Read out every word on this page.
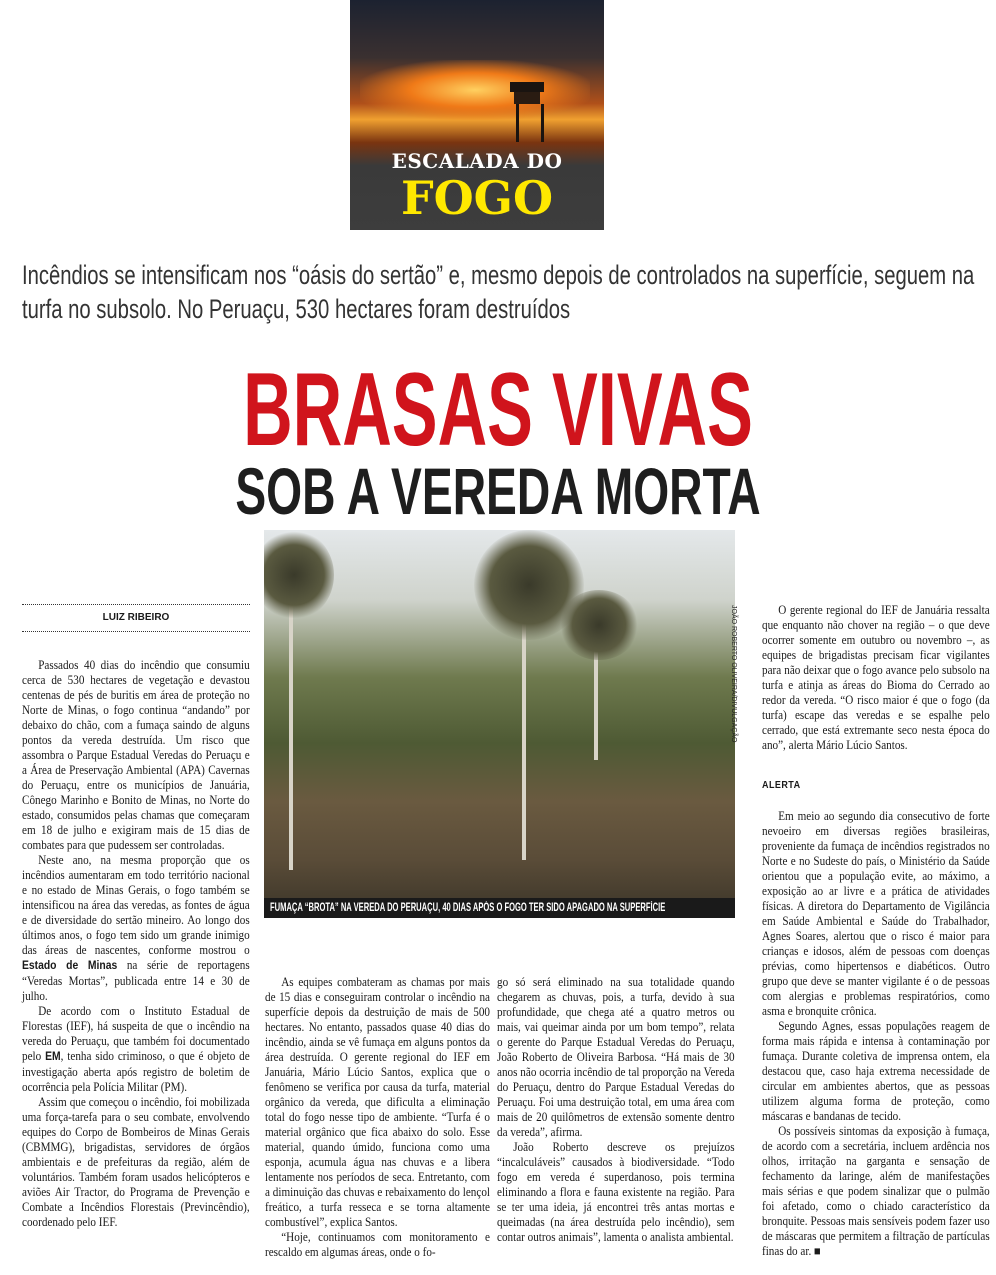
ESCALADA DO
FOGO
Incêndios se intensificam nos “oásis do sertão” e, mesmo depois de controlados na superfície, seguem na turfa no subsolo. No Peruaçu, 530 hectares foram destruídos
BRASAS VIVAS
SOB A VEREDA MORTA
FUMAÇA “BROTA” NA VEREDA DO PERUAÇU, 40 DIAS APÓS O FOGO TER SIDO APAGADO NA SUPERFÍCIE
JOÃO ROBERTO OLIVEIRA/DIVULGAÇÃO
LUIZ RIBEIRO

Passados 40 dias do incêndio que consumiu cerca de 530 hectares de vegetação e devastou centenas de pés de buritis em área de proteção no Norte de Minas, o fogo continua “andando” por debaixo do chão, com a fumaça saindo de alguns pontos da vereda destruída. Um risco que assombra o Parque Estadual Veredas do Peruaçu e a Área de Preservação Ambiental (APA) Cavernas do Peruaçu, entre os municípios de Januária, Cônego Marinho e Bonito de Minas, no Norte do estado, consumidos pelas chamas que começaram em 18 de julho e exigiram mais de 15 dias de combates para que pudessem ser controladas.

Neste ano, na mesma proporção que os incêndios aumentaram em todo território nacional e no estado de Minas Gerais, o fogo também se intensificou na área das veredas, as fontes de água e de diversidade do sertão mineiro. Ao longo dos últimos anos, o fogo tem sido um grande inimigo das áreas de nascentes, conforme mostrou o Estado de Minas na série de reportagens “Veredas Mortas”, publicada entre 14 e 30 de julho.

De acordo com o Instituto Estadual de Florestas (IEF), há suspeita de que o incêndio na vereda do Peruaçu, que também foi documentado pelo EM, tenha sido criminoso, o que é objeto de investigação aberta após registro de boletim de ocorrência pela Polícia Militar (PM).

Assim que começou o incêndio, foi mobilizada uma força-tarefa para o seu combate, envolvendo equipes do Corpo de Bombeiros de Minas Gerais (CBMMG), brigadistas, servidores de órgãos ambientais e de prefeituras da região, além de voluntários. Também foram usados helicópteros e aviões Air Tractor, do Programa de Prevenção e Combate a Incêndios Florestais (Previncêndio), coordenado pelo IEF.

As equipes combateram as chamas por mais de 15 dias e conseguiram controlar o incêndio na superfície depois da destruição de mais de 500 hectares. No entanto, passados quase 40 dias do incêndio, ainda se vê fumaça em alguns pontos da área destruída. O gerente regional do IEF em Januária, Mário Lúcio Santos, explica que o fenômeno se verifica por causa da turfa, material orgânico da vereda, que dificulta a eliminação total do fogo nesse tipo de ambiente. “Turfa é o material orgânico que fica abaixo do solo. Esse material, quando úmido, funciona como uma esponja, acumula água nas chuvas e a libera lentamente nos períodos de seca. Entretanto, com a diminuição das chuvas e rebaixamento do lençol freático, a turfa resseca e se torna altamente combustível”, explica Santos.

“Hoje, continuamos com monitoramento e rescaldo em algumas áreas, onde o fo-

go só será eliminado na sua totalidade quando chegarem as chuvas, pois, a turfa, devido à sua profundidade, que chega até a quatro metros ou mais, vai queimar ainda por um bom tempo”, relata o gerente do Parque Estadual Veredas do Peruaçu, João Roberto de Oliveira Barbosa. “Há mais de 30 anos não ocorria incêndio de tal proporção na Vereda do Peruaçu, dentro do Parque Estadual Veredas do Peruaçu. Foi uma destruição total, em uma área com mais de 20 quilômetros de extensão somente dentro da vereda”, afirma.

João Roberto descreve os prejuízos “incalculáveis” causados à biodiversidade. “Todo fogo em vereda é superdanoso, pois termina eliminando a flora e fauna existente na região. Para se ter uma ideia, já encontrei três antas mortas e queimadas (na área destruída pelo incêndio), sem contar outros animais”, lamenta o analista ambiental.

O gerente regional do IEF de Januária ressalta que enquanto não chover na região – o que deve ocorrer somente em outubro ou novembro –, as equipes de brigadistas precisam ficar vigilantes para não deixar que o fogo avance pelo subsolo na turfa e atinja as áreas do Bioma do Cerrado ao redor da vereda. “O risco maior é que o fogo (da turfa) escape das veredas e se espalhe pelo cerrado, que está extremante seco nesta época do ano”, alerta Mário Lúcio Santos.

ALERTA

Em meio ao segundo dia consecutivo de forte nevoeiro em diversas regiões brasileiras, proveniente da fumaça de incêndios registrados no Norte e no Sudeste do país, o Ministério da Saúde orientou que a população evite, ao máximo, a exposição ao ar livre e a prática de atividades físicas. A diretora do Departamento de Vigilância em Saúde Ambiental e Saúde do Trabalhador, Agnes Soares, alertou que o risco é maior para crianças e idosos, além de pessoas com doenças prévias, como hipertensos e diabéticos. Outro grupo que deve se manter vigilante é o de pessoas com alergias e problemas respiratórios, como asma e bronquite crônica.

Segundo Agnes, essas populações reagem de forma mais rápida e intensa à contaminação por fumaça. Durante coletiva de imprensa ontem, ela destacou que, caso haja extrema necessidade de circular em ambientes abertos, que as pessoas utilizem alguma forma de proteção, como máscaras e bandanas de tecido.

Os possíveis sintomas da exposição à fumaça, de acordo com a secretária, incluem ardência nos olhos, irritação na garganta e sensação de fechamento da laringe, além de manifestações mais sérias e que podem sinalizar que o pulmão foi afetado, como o chiado característico da bronquite. Pessoas mais sensíveis podem fazer uso de máscaras que permitem a filtração de partículas finas do ar. ■
